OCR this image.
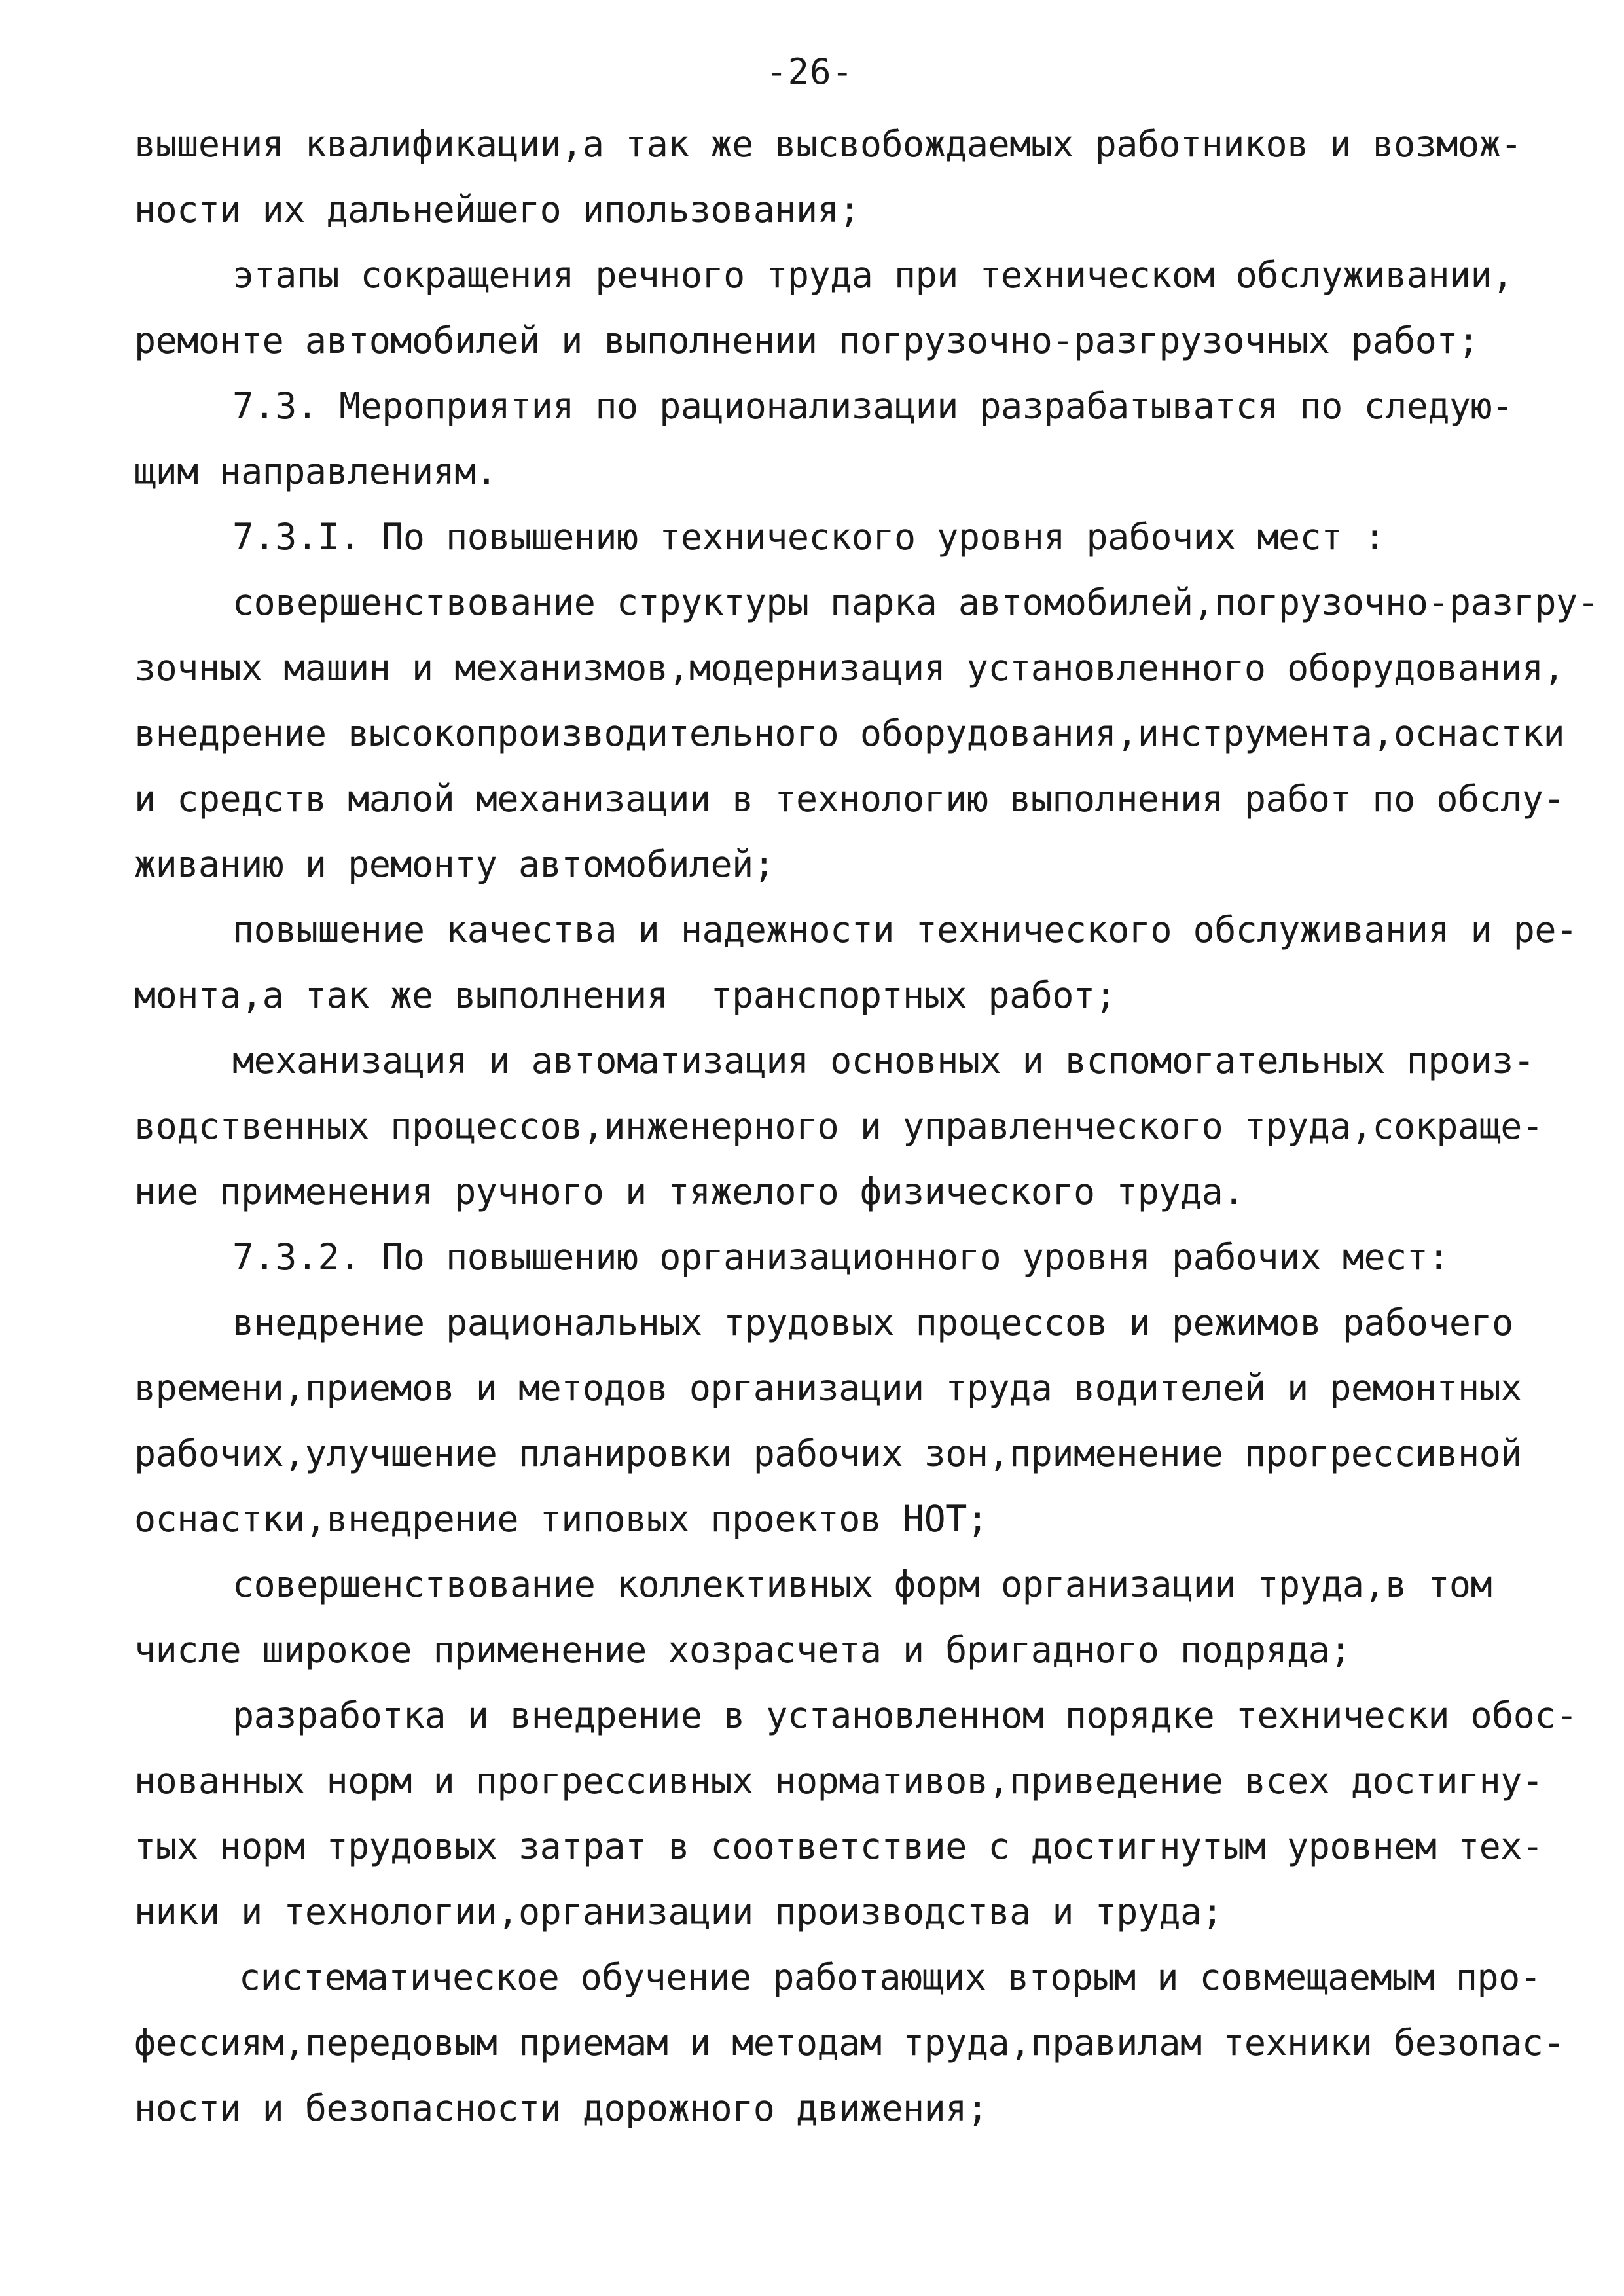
-26-
вышения квалификации,а так же высвобождаемых работников и возмож-
ности их дальнейшего ипользования;
этапы сокращения речного труда при техническом обслуживании,
ремонте автомобилей и выполнении погрузочно-разгрузочных работ;
7.3. Мероприятия по рационализации разрабатыватся по следую-
щим направлениям.
7.3.I. По повышению технического уровня рабочих мест :
совершенствование структуры парка автомобилей,погрузочно-разгру-
зочных машин и механизмов,модернизация установленного оборудования,
внедрение высокопроизводительного оборудования,инструмента,оснастки
и средств малой механизации в технологию выполнения работ по обслу-
живанию и ремонту автомобилей;
повышение качества и надежности технического обслуживания и ре-
монта,а так же выполнения  транспортных работ;
механизация и автоматизация основных и вспомогательных произ-
водственных процессов,инженерного и управленческого труда,сокраще-
ние применения ручного и тяжелого физического труда.
7.3.2. По повышению организационного уровня рабочих мест:
внедрение рациональных трудовых процессов и режимов рабочего
времени,приемов и методов организации труда водителей и ремонтных
рабочих,улучшение планировки рабочих зон,применение прогрессивной
оснастки,внедрение типовых проектов НОТ;
совершенствование коллективных форм организации труда,в том
числе широкое применение хозрасчета и бригадного подряда;
разработка и внедрение в установленном порядке технически обос-
нованных норм и прогрессивных нормативов,приведение всех достигну-
тых норм трудовых затрат в соответствие с достигнутым уровнем тех-
ники и технологии,организации производства и труда;
систематическое обучение работающих вторым и совмещаемым про-
фессиям,передовым приемам и методам труда,правилам техники безопас-
ности и безопасности дорожного движения;
